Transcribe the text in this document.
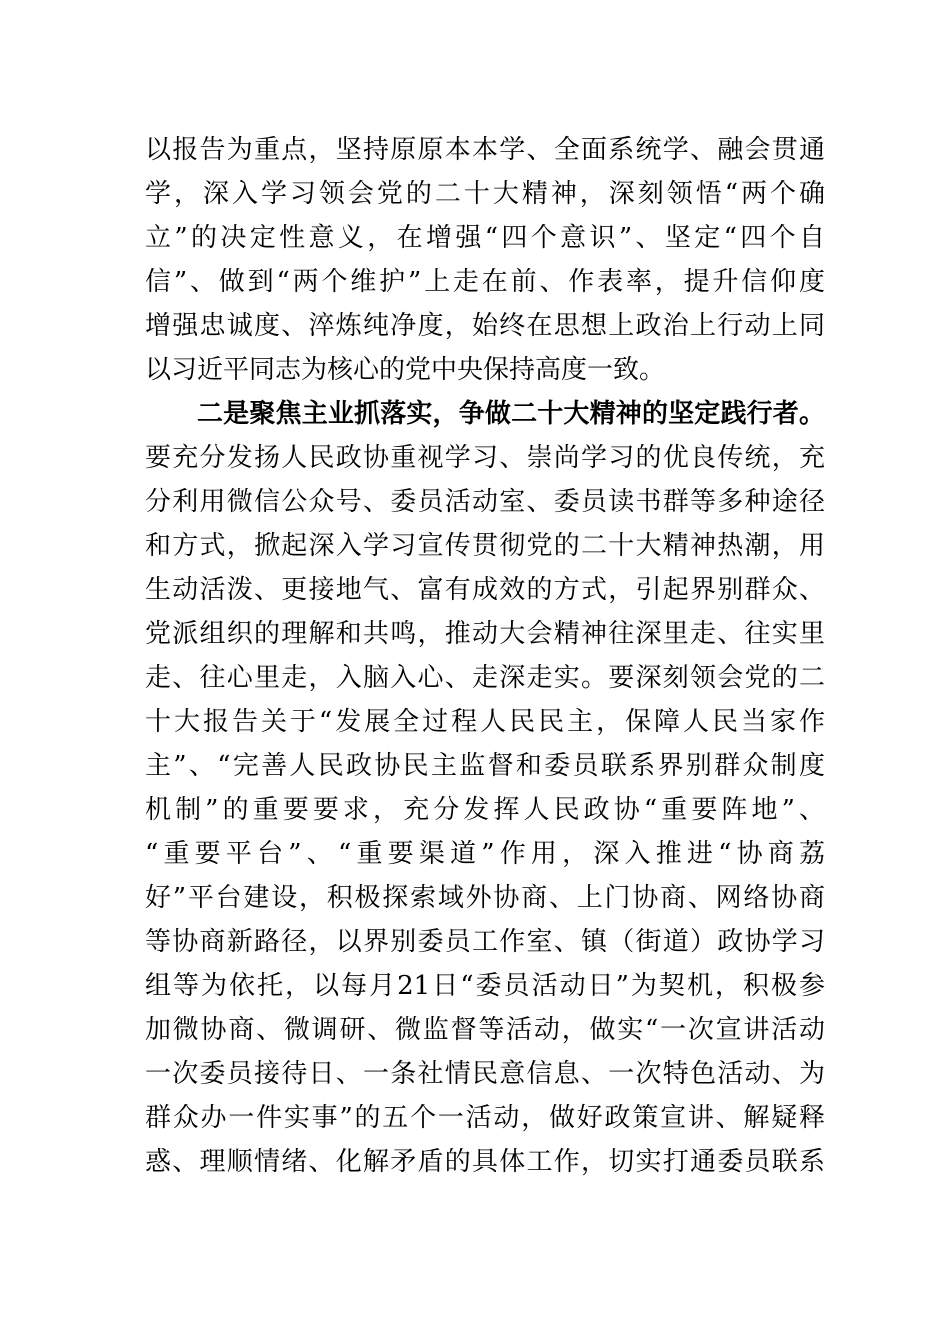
以报告为重点，坚持原原本本学、全面系统学、融会贯通
学，深入学习领会党的二十大精神，深刻领悟“两个确
立”的决定性意义，在增强“四个意识”、坚定“四个自
信”、做到“两个维护”上走在前、作表率，提升信仰度
增强忠诚度、淬炼纯净度，始终在思想上政治上行动上同
以习近平同志为核心的党中央保持高度一致。
二是聚焦主业抓落实，争做二十大精神的坚定践行者。
要充分发扬人民政协重视学习、崇尚学习的优良传统，充
分利用微信公众号、委员活动室、委员读书群等多种途径
和方式，掀起深入学习宣传贯彻党的二十大精神热潮，用
生动活泼、更接地气、富有成效的方式，引起界别群众、
党派组织的理解和共鸣，推动大会精神往深里走、往实里
走、往心里走，入脑入心、走深走实。要深刻领会党的二
十大报告关于“发展全过程人民民主，保障人民当家作
主”、“完善人民政协民主监督和委员联系界别群众制度
机制”的重要要求，充分发挥人民政协“重要阵地”、
“重要平台”、“重要渠道”作用，深入推进“协商荔
好”平台建设，积极探索域外协商、上门协商、网络协商
等协商新路径，以界别委员工作室、镇（街道）政协学习
组等为依托，以每月21日“委员活动日”为契机，积极参
加微协商、微调研、微监督等活动，做实“一次宣讲活动
一次委员接待日、一条社情民意信息、一次特色活动、为
群众办一件实事”的五个一活动，做好政策宣讲、解疑释
惑、理顺情绪、化解矛盾的具体工作，切实打通委员联系
